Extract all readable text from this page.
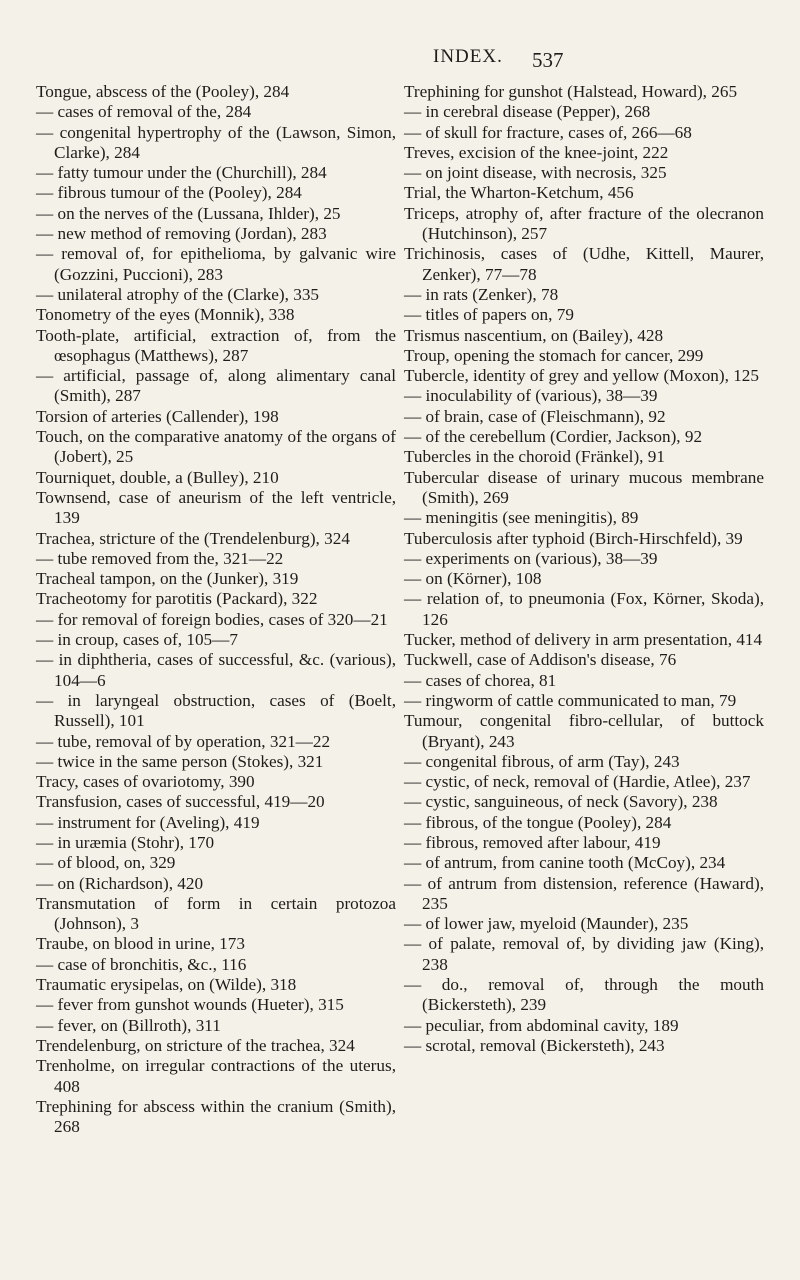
INDEX. 537

Tongue, abscess of the (Pooley), 284

— cases of removal of the, 284

— congenital hypertrophy of the (Lawson, Simon, Clarke), 284

— fatty tumour under the (Churchill), 284

— fibrous tumour of the (Pooley), 284

— on the nerves of the (Lussana, Ihlder), 25

— new method of removing (Jordan), 283

— removal of, for epithelioma, by galvanic wire (Gozzini, Puccioni), 283

— unilateral atrophy of the (Clarke), 335

Tonometry of the eyes (Monnik), 338

Tooth-plate, artificial, extraction of, from the œsophagus (Matthews), 287

— artificial, passage of, along alimentary canal (Smith), 287

Torsion of arteries (Callender), 198

Touch, on the comparative anatomy of the organs of (Jobert), 25

Tourniquet, double, a (Bulley), 210

Townsend, case of aneurism of the left ventricle, 139

Trachea, stricture of the (Trendelenburg), 324

— tube removed from the, 321—22

Tracheal tampon, on the (Junker), 319

Tracheotomy for parotitis (Packard), 322

— for removal of foreign bodies, cases of 320—21

— in croup, cases of, 105—7

— in diphtheria, cases of successful, &c. (various), 104—6

— in laryngeal obstruction, cases of (Boelt, Russell), 101

— tube, removal of by operation, 321—22

— twice in the same person (Stokes), 321

Tracy, cases of ovariotomy, 390

Transfusion, cases of successful, 419—20

— instrument for (Aveling), 419

— in uræmia (Stohr), 170

— of blood, on, 329

— on (Richardson), 420

Transmutation of form in certain protozoa (Johnson), 3

Traube, on blood in urine, 173

— case of bronchitis, &c., 116

Traumatic erysipelas, on (Wilde), 318

— fever from gunshot wounds (Hueter), 315

— fever, on (Billroth), 311

Trendelenburg, on stricture of the trachea, 324

Trenholme, on irregular contractions of the uterus, 408

Trephining for abscess within the cranium (Smith), 268

Trephining for gunshot (Halstead, Howard), 265

— in cerebral disease (Pepper), 268

— of skull for fracture, cases of, 266—68

Treves, excision of the knee-joint, 222

— on joint disease, with necrosis, 325

Trial, the Wharton-Ketchum, 456

Triceps, atrophy of, after fracture of the olecranon (Hutchinson), 257

Trichinosis, cases of (Udhe, Kittell, Maurer, Zenker), 77—78

— in rats (Zenker), 78

— titles of papers on, 79

Trismus nascentium, on (Bailey), 428

Troup, opening the stomach for cancer, 299

Tubercle, identity of grey and yellow (Moxon), 125

— inoculability of (various), 38—39

— of brain, case of (Fleischmann), 92

— of the cerebellum (Cordier, Jackson), 92

Tubercles in the choroid (Fränkel), 91

Tubercular disease of urinary mucous membrane (Smith), 269

— meningitis (see meningitis), 89

Tuberculosis after typhoid (Birch-Hirschfeld), 39

— experiments on (various), 38—39

— on (Körner), 108

— relation of, to pneumonia (Fox, Körner, Skoda), 126

Tucker, method of delivery in arm presentation, 414

Tuckwell, case of Addison's disease, 76

— cases of chorea, 81

— ringworm of cattle communicated to man, 79

Tumour, congenital fibro-cellular, of buttock (Bryant), 243

— congenital fibrous, of arm (Tay), 243

— cystic, of neck, removal of (Hardie, Atlee), 237

— cystic, sanguineous, of neck (Savory), 238

— fibrous, of the tongue (Pooley), 284

— fibrous, removed after labour, 419

— of antrum, from canine tooth (McCoy), 234

— of antrum from distension, reference (Haward), 235

— of lower jaw, myeloid (Maunder), 235

— of palate, removal of, by dividing jaw (King), 238

— do., removal of, through the mouth (Bickersteth), 239

— peculiar, from abdominal cavity, 189

— scrotal, removal (Bickersteth), 243
